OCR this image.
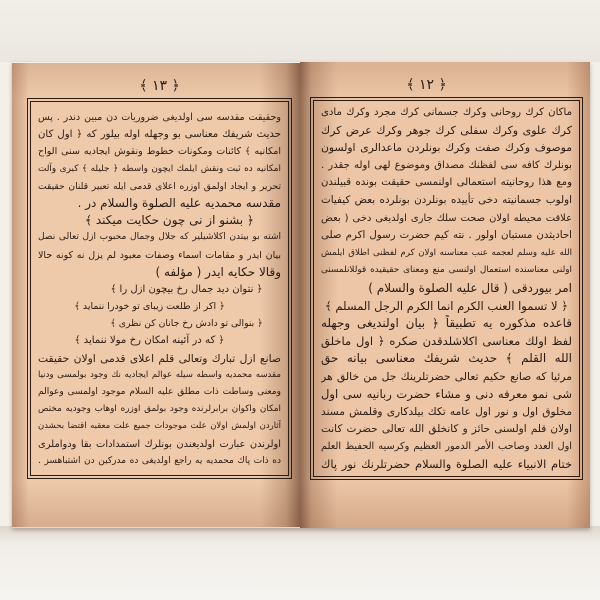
﴿ ١٣ ﴾
وحقيقت مقدسه سى اولديغى ضروريات دن مبين دندر . پس
حديث شريفك معناسى بو وجهله اوله بيلور كه ﴿ اول كان
امكانيه ﴾ كائنات ومكونات خطوط ونقوش ايجاديه سنى الواح
امكانيه ده ثبت ونقش ايلمك ايچون واسطه ﴿ جليله ﴾ كبرى وآلت
تحرير و ايجاد اولمق اوزره اعلاى قدمى ايله تعبير قلنان حقيقت
مقدسه محمديه عليه الصلوة والسلام در .
﴿ بشنو از نى چون حكايت ميكند ﴾
اشته بو بيتدن اكلاشيلير كه جلال وجمال محبوب ازل تعالى نصل
بيان ايدر و مقامات اسماء وصفات معبود لم يزل نه كونه حالا
وقالا حكايه ايدر ( مؤلفه )
﴿ نتوان ديد جمال رخ بيچون ازل را ﴾
﴿ اكر از طلعت زيباى تو خودرا ننمايد ﴾
﴿ بنوالى تو دادش رخ جانان كن نظرى ﴾
﴿ كه در آئينه امكان رخ مولا ننمايد ﴾
صانع ازل تبارك وتعالى قلم اعلاى قدمى اولان حقيقت
مقدسه محمديه واسطه سيله عوالم ايجاديه نك وجود بولمسى ودنيا
ومعنى وساطت ذات مطلق عليه السلام موجود اولمسى وعوالم
امكان واكوان برابرلرنده وجود بولمق اوزره اوهاب وجوديه مختص
آثاردن اولمش اولان علت موجودات جميع علت معقبه اقتضا بحشدن
اولرندن عبارت اولديغندن بونلرك استمدادات بقا ودواملرى
ده ذات پاك محمديه يه راجع اولديغى ده مدركين دن اشتباهسز .
﴿ ١٢ ﴾
ماكان كرك روحانى وكرك جسمانى كرك مجرد وكرك مادى
كرك علوى وكرك سفلى كرك جوهر وكرك عرض كرك
موصوف وكرك صفت وكرك بونلردن ماعدالرى اولسون
بونلرك كافه سى لفظنك مصداق وموضوع لهى اوله جقدر .
ومع هذا روحانيته استعمالى اولنمسى حقيقت بونده قبيلندن
اولوب جسمانيته دخى تأييده بونلردن بونلرده بعض كيفيات
علاقت محيطه اولان صحت سلك جارى اولديغى دخى ( بعض
احاديثدن مستبان اولور . نته كيم حضرت رسول اكرم صلى
الله عليه وسلم لعجمه عنب معناسنه اولان كرم لفظنى اطلاق ايلمش
اولنى معناسنده استعمال اولنسى منع ومعناى حقيقيده قوللانلمسنى
امر بيوردقى ( قال عليه الصلوة والسلام )
﴿ لا تسموا العنب الكرم انما الكرم الرجل المسلم ﴾
قاعده مذكوره يه تطبيقاً ﴿ بيان اولنديغى وجهله
لفظ اولك معناسى اكلاشلدقدن صكره ﴿ اول ماخلق
الله القلم ﴾ حديث شريفك معناسى بيانه حق
مرئيا كه صانع حكيم تعالى حضرتلرينك جل من خالق هر
شى نمو معرفه دنى و مشاء حضرت ربانيه سى اول
مخلوق اول و نور اول عامه تكك بيلدكارى وقلمش مسند
اولان قلم اولسنى حائز و كانخلق الله تعالى حضرت كانت
اول العدد وصاحب الأمر الدمور العظيم وكرسيه الحفيظ العلم
ختام الانبياء عليه الصلوة والسلام حضرتلرنك نور پاك
